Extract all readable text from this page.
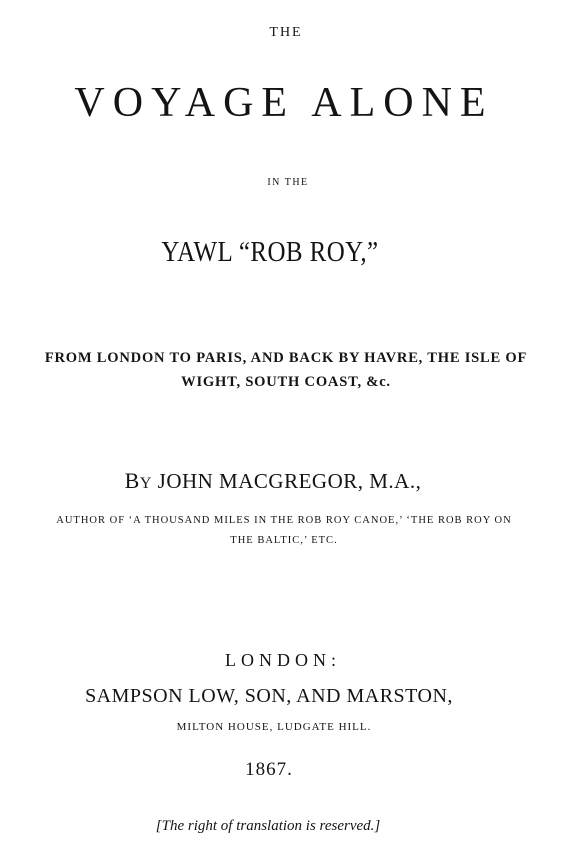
THE
VOYAGE ALONE
IN THE
YAWL “ROB ROY,”
FROM LONDON TO PARIS, AND BACK BY HAVRE, THE ISLE OF WIGHT, SOUTH COAST, &c.
BY JOHN MACGREGOR, M.A.,
AUTHOR OF ‘A THOUSAND MILES IN THE ROB ROY CANOE,’ ‘THE ROB ROY ON THE BALTIC,’ ETC.
LONDON:
SAMPSON LOW, SON, AND MARSTON,
MILTON HOUSE, LUDGATE HILL.
1867.
[The right of translation is reserved.]
